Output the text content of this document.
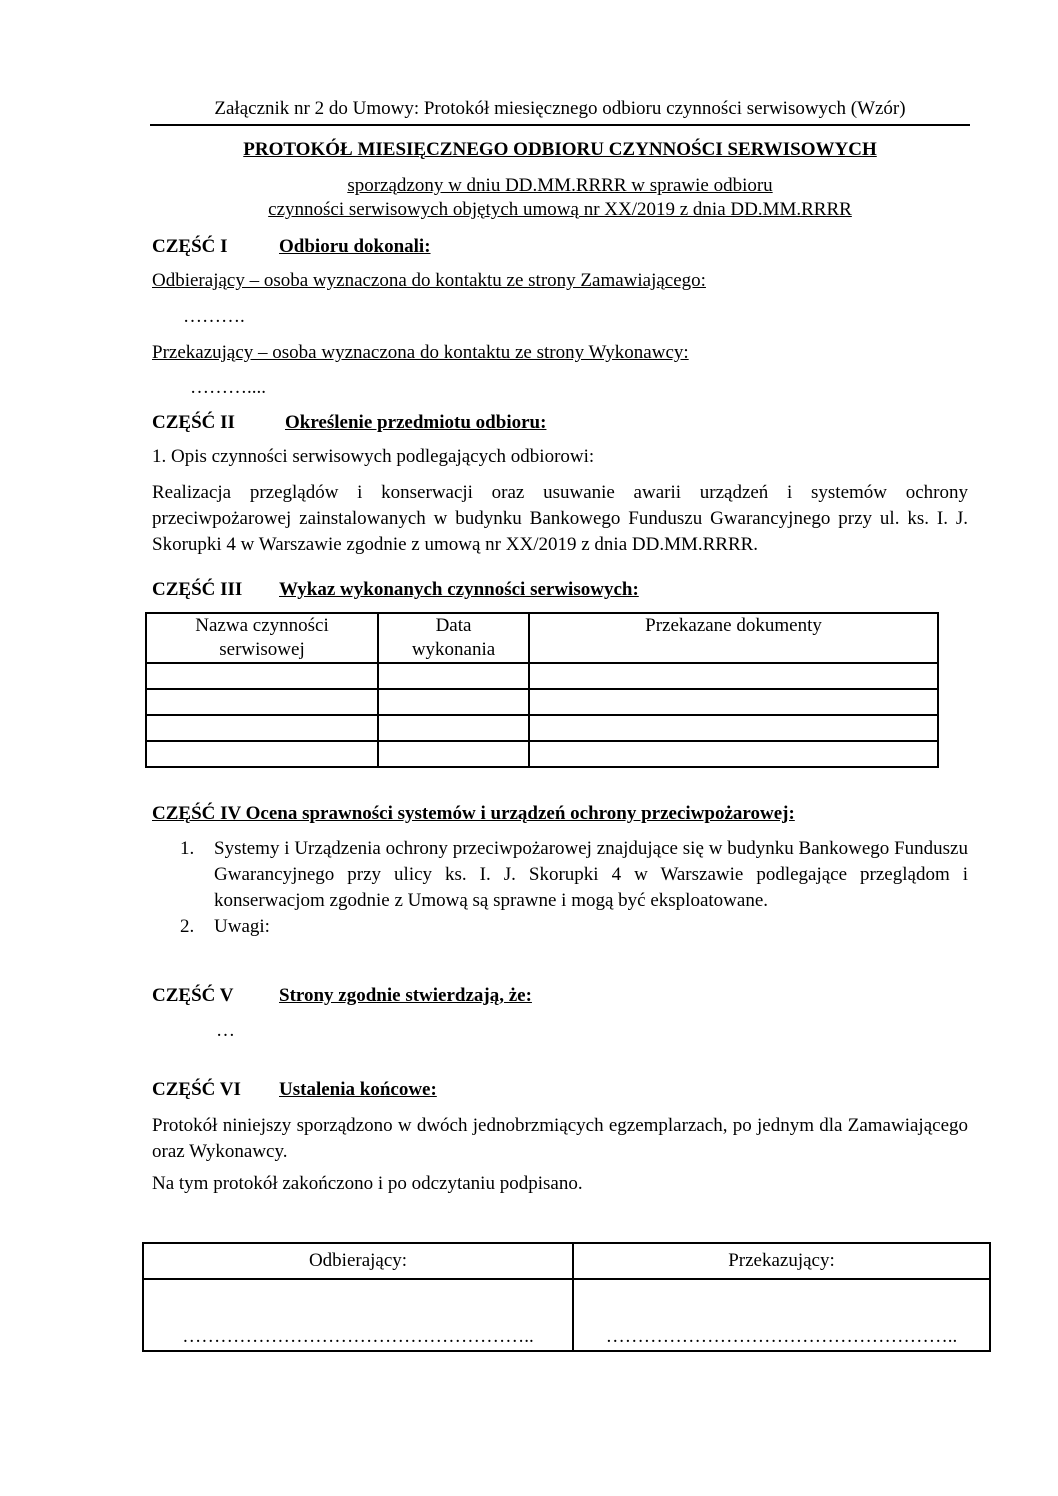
Załącznik nr 2 do Umowy: Protokół miesięcznego odbioru czynności serwisowych (Wzór)
PROTOKÓŁ MIESIĘCZNEGO ODBIORU CZYNNOŚCI SERWISOWYCH
sporządzony w dniu DD.MM.RRRR w sprawie odbioru
czynności serwisowych objętych umową nr XX/2019 z dnia DD.MM.RRRR
CZĘŚĆ I	Odbioru dokonali:
Odbierający – osoba wyznaczona do kontaktu ze strony Zamawiającego:
……….
Przekazujący – osoba wyznaczona do kontaktu ze strony Wykonawcy:
………....
CZĘŚĆ II	Określenie przedmiotu odbioru:
1. Opis czynności serwisowych podlegających odbiorowi:
Realizacja przeglądów i konserwacji oraz usuwanie awarii urządzeń i systemów ochrony przeciwpożarowej zainstalowanych w budynku Bankowego Funduszu Gwarancyjnego przy ul. ks. I. J. Skorupki 4 w Warszawie zgodnie z umową nr XX/2019 z dnia DD.MM.RRRR.
CZĘŚĆ III Wykaz wykonanych czynności serwisowych:
Nazwa czynności serwisowej	Data wykonania	Przekazane dokumenty

CZĘŚĆ IV Ocena sprawności systemów i urządzeń ochrony przeciwpożarowej:
1. Systemy i Urządzenia ochrony przeciwpożarowej znajdujące się w budynku Bankowego Funduszu Gwarancyjnego przy ulicy ks. I. J. Skorupki 4 w Warszawie podlegające przeglądom i konserwacjom zgodnie z Umową są sprawne i mogą być eksploatowane.
2. Uwagi:
CZĘŚĆ V Strony zgodnie stwierdzają, że:
…
CZĘŚĆ VI Ustalenia końcowe:
Protokół niniejszy sporządzono w dwóch jednobrzmiących egzemplarzach, po jednym dla Zamawiającego oraz Wykonawcy.
Na tym protokół zakończono i po odczytaniu podpisano.
Odbierający:	Przekazujący:
………………………………………………..	………………………………………………..
